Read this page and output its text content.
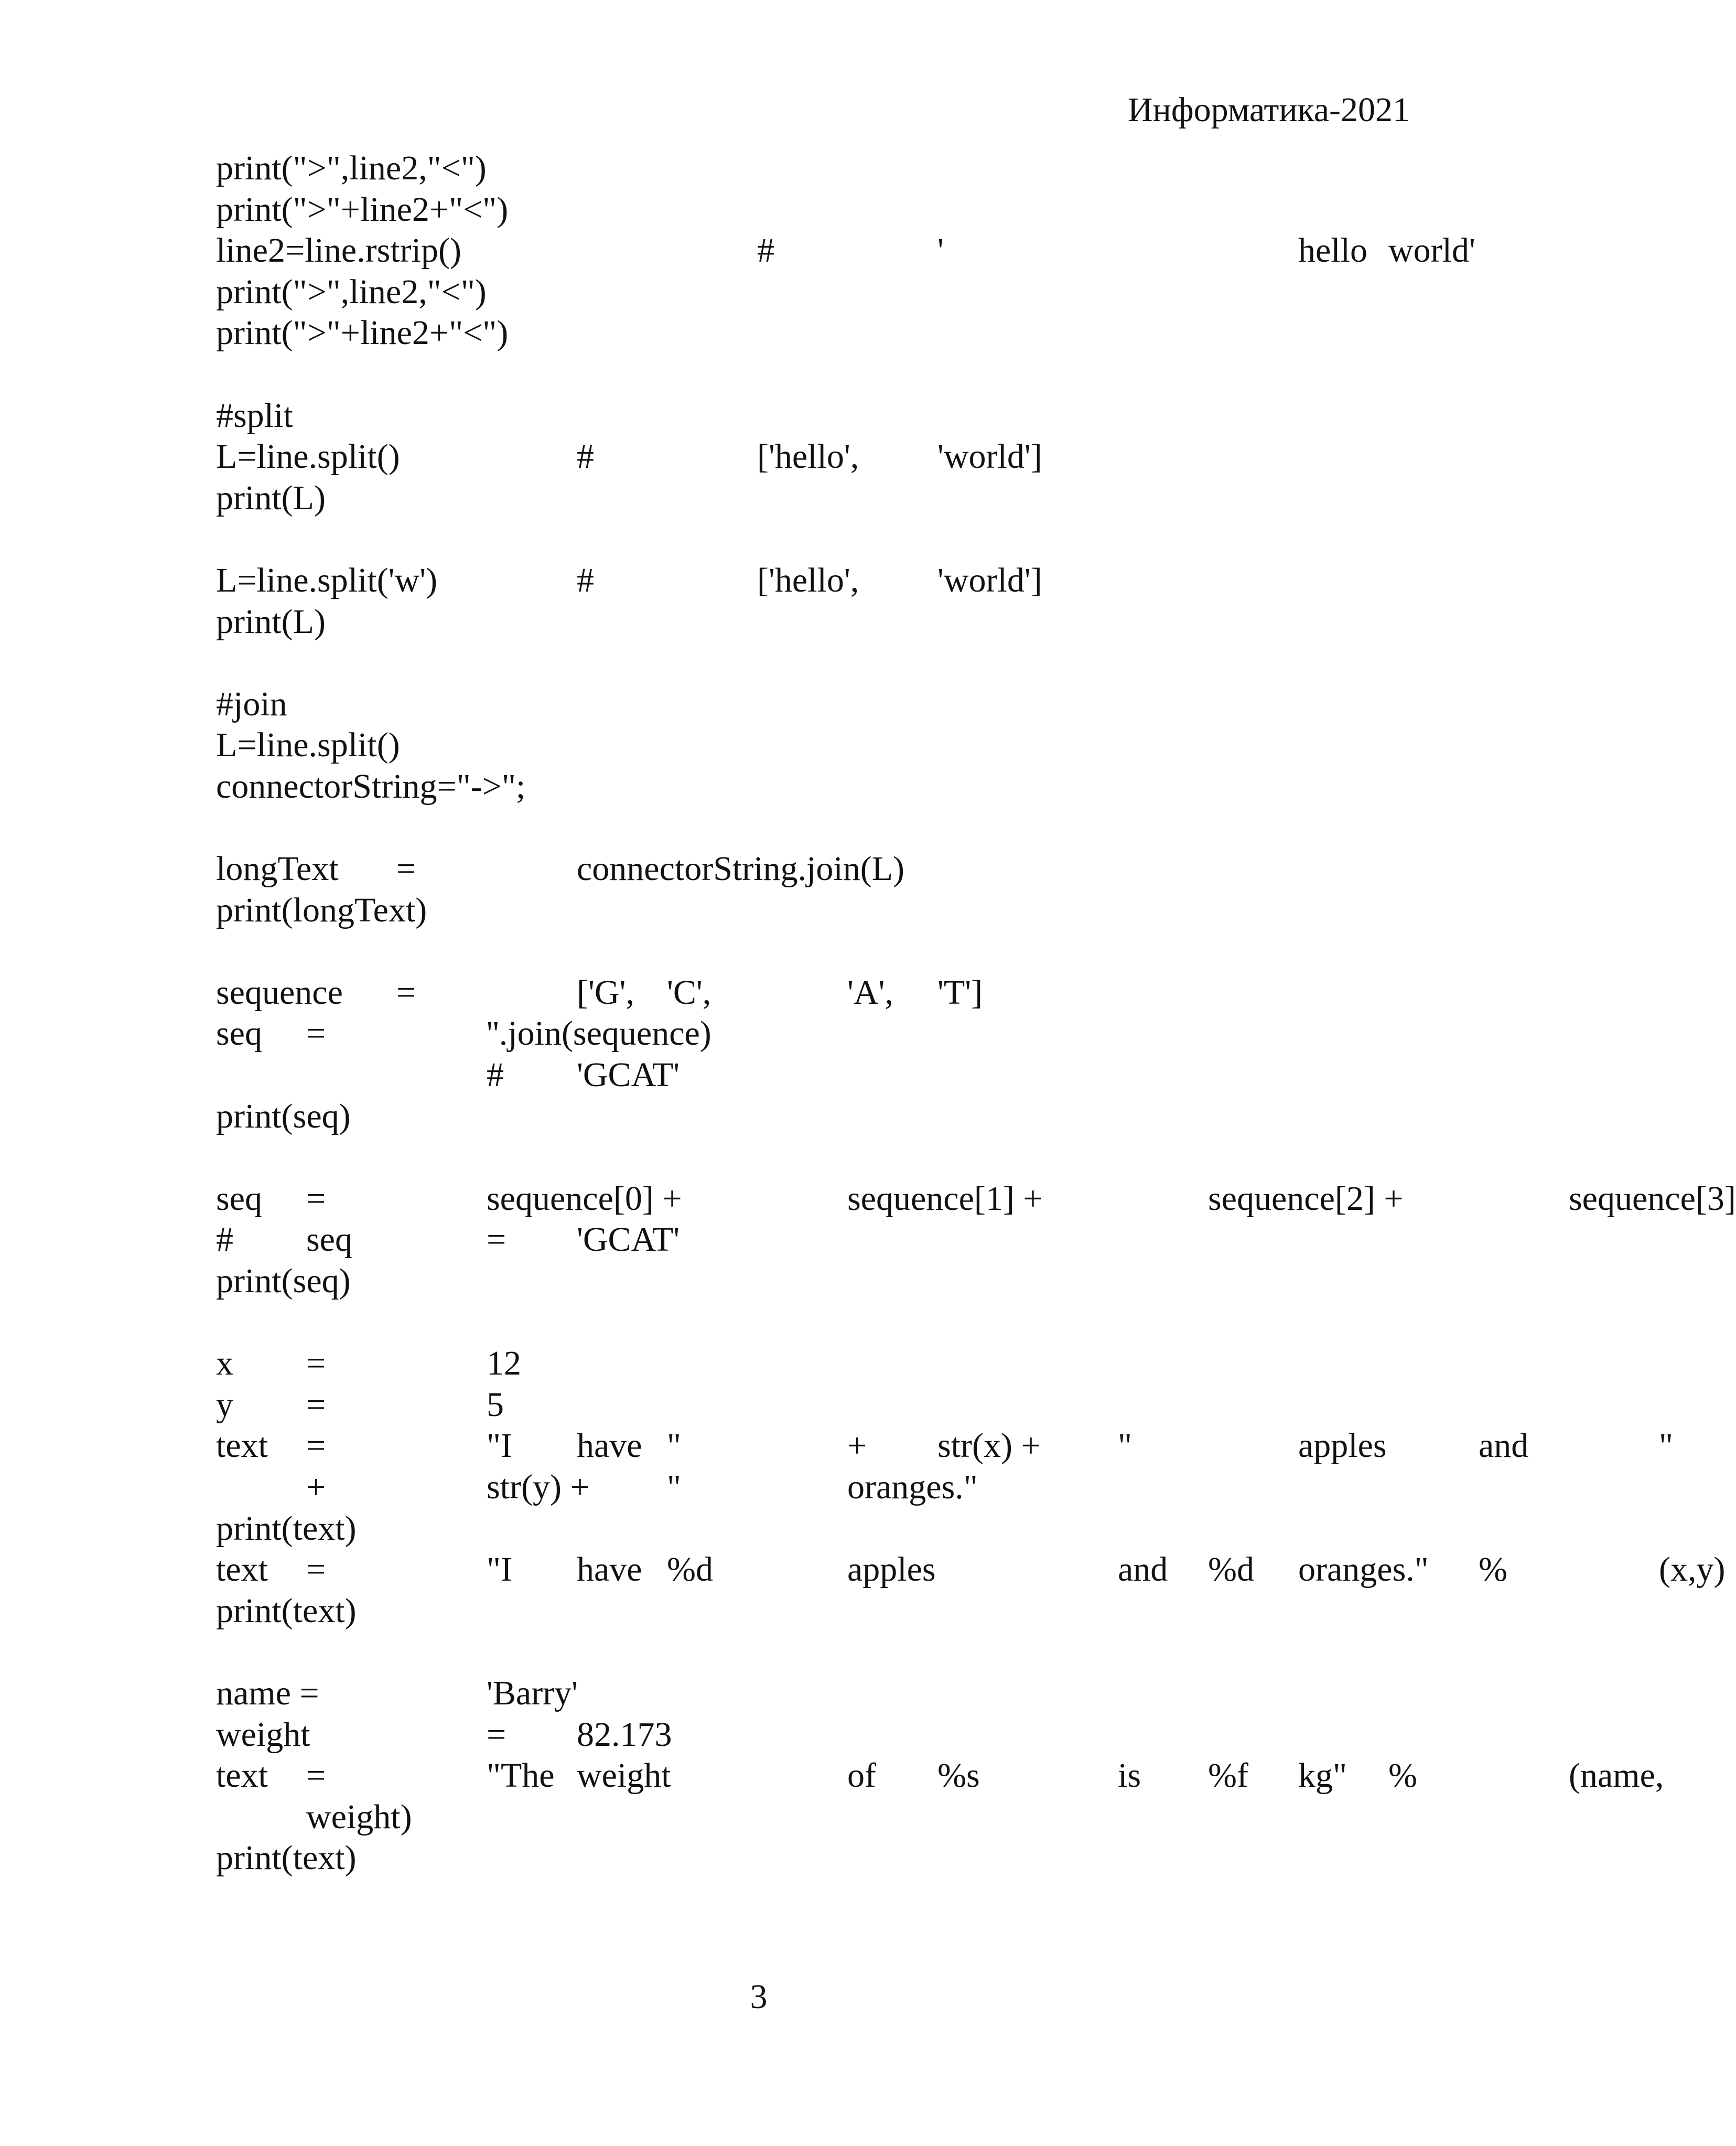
Информатика-2021
print(">",line2,"<")
print(">"+line2+"<")
line2=line.rstrip()	#	'	hello world'
print(">",line2,"<")
print(">"+line2+"<")
#split
L=line.split()	#	['hello', 'world']
print(L)
L=line.split('w')	#	['hello', 'world']
print(L)
#join
L=line.split()
connectorString="->";
longText =	connectorString.join(L)
print(longText)
sequence =	['G', 'C',	'A', 'T']
seq =	''.join(sequence)
# 'GCAT'
print(seq)
seq =	sequence[0] +	sequence[1] +	sequence[2] +	sequence[3]
# seq	= 'GCAT'
print(seq)
x =	12
y =	5
text =	"I have "	+ str(x) + "	apples	and	"
+	str(y) + "	oranges."
print(text)
text =	"I have %d	apples	and %d oranges." %	(x,y)
print(text)
name =	'Barry'
weight	= 82.173
text =	"The weight	of %s	is %f kg" %	(name,
weight)
print(text)
3
